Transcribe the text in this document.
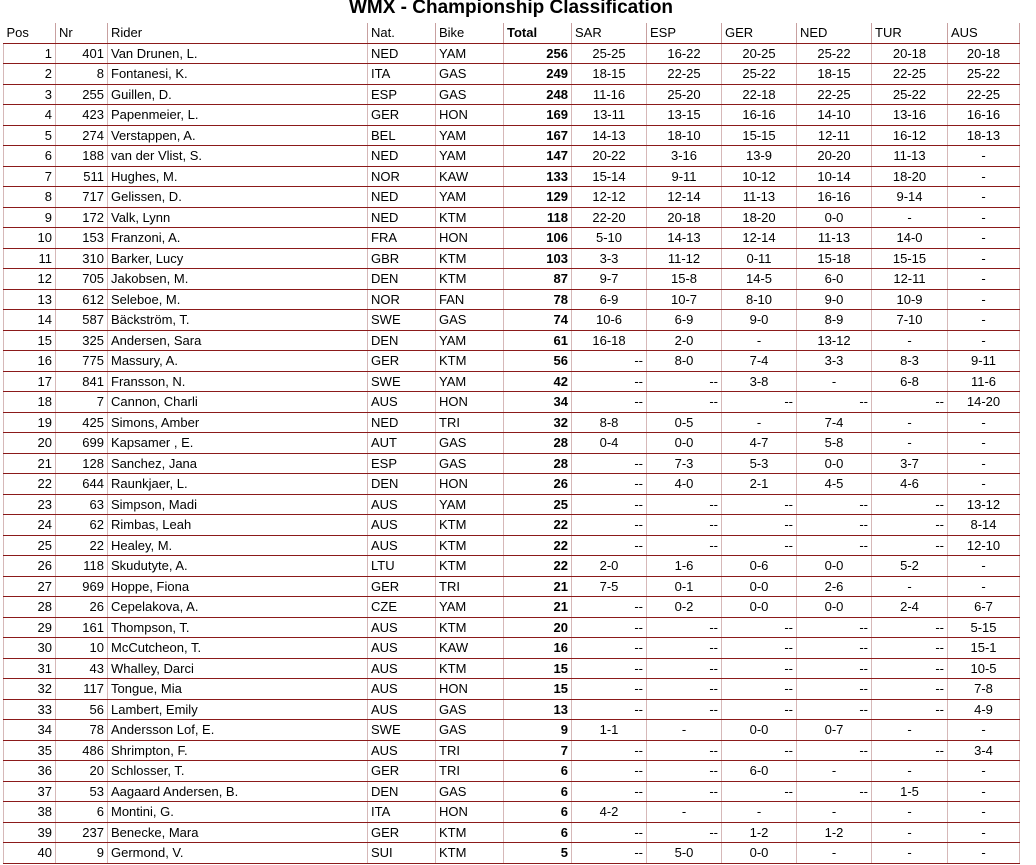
WMX - Championship Classification
Pos	Nr	Rider	Nat.	Bike	Total	SAR	ESP	GER	NED	TUR	AUS
1	401	Van Drunen, L.	NED	YAM	256	25-25	16-22	20-25	25-22	20-18	20-18
2	8	Fontanesi, K.	ITA	GAS	249	18-15	22-25	25-22	18-15	22-25	25-22
3	255	Guillen, D.	ESP	GAS	248	11-16	25-20	22-18	22-25	25-22	22-25
4	423	Papenmeier, L.	GER	HON	169	13-11	13-15	16-16	14-10	13-16	16-16
5	274	Verstappen, A.	BEL	YAM	167	14-13	18-10	15-15	12-11	16-12	18-13
6	188	van der Vlist, S.	NED	YAM	147	20-22	3-16	13-9	20-20	11-13	-
7	511	Hughes, M.	NOR	KAW	133	15-14	9-11	10-12	10-14	18-20	-
8	717	Gelissen, D.	NED	YAM	129	12-12	12-14	11-13	16-16	9-14	-
9	172	Valk, Lynn	NED	KTM	118	22-20	20-18	18-20	0-0	-	-
10	153	Franzoni, A.	FRA	HON	106	5-10	14-13	12-14	11-13	14-0	-
11	310	Barker, Lucy	GBR	KTM	103	3-3	11-12	0-11	15-18	15-15	-
12	705	Jakobsen, M.	DEN	KTM	87	9-7	15-8	14-5	6-0	12-11	-
13	612	Seleboe, M.	NOR	FAN	78	6-9	10-7	8-10	9-0	10-9	-
14	587	Bäckström, T.	SWE	GAS	74	10-6	6-9	9-0	8-9	7-10	-
15	325	Andersen, Sara	DEN	YAM	61	16-18	2-0	-	13-12	-	-
16	775	Massury, A.	GER	KTM	56	--	8-0	7-4	3-3	8-3	9-11
17	841	Fransson, N.	SWE	YAM	42	--	--	3-8	-	6-8	11-6
18	7	Cannon, Charli	AUS	HON	34	--	--	--	--	--	14-20
19	425	Simons, Amber	NED	TRI	32	8-8	0-5	-	7-4	-	-
20	699	Kapsamer , E.	AUT	GAS	28	0-4	0-0	4-7	5-8	-	-
21	128	Sanchez, Jana	ESP	GAS	28	--	7-3	5-3	0-0	3-7	-
22	644	Raunkjaer, L.	DEN	HON	26	--	4-0	2-1	4-5	4-6	-
23	63	Simpson, Madi	AUS	YAM	25	--	--	--	--	--	13-12
24	62	Rimbas, Leah	AUS	KTM	22	--	--	--	--	--	8-14
25	22	Healey, M.	AUS	KTM	22	--	--	--	--	--	12-10
26	118	Skudutyte, A.	LTU	KTM	22	2-0	1-6	0-6	0-0	5-2	-
27	969	Hoppe, Fiona	GER	TRI	21	7-5	0-1	0-0	2-6	-	-
28	26	Cepelakova, A.	CZE	YAM	21	--	0-2	0-0	0-0	2-4	6-7
29	161	Thompson, T.	AUS	KTM	20	--	--	--	--	--	5-15
30	10	McCutcheon, T.	AUS	KAW	16	--	--	--	--	--	15-1
31	43	Whalley, Darci	AUS	KTM	15	--	--	--	--	--	10-5
32	117	Tongue, Mia	AUS	HON	15	--	--	--	--	--	7-8
33	56	Lambert, Emily	AUS	GAS	13	--	--	--	--	--	4-9
34	78	Andersson Lof, E.	SWE	GAS	9	1-1	-	0-0	0-7	-	-
35	486	Shrimpton, F.	AUS	TRI	7	--	--	--	--	--	3-4
36	20	Schlosser, T.	GER	TRI	6	--	--	6-0	-	-	-
37	53	Aagaard Andersen, B.	DEN	GAS	6	--	--	--	--	1-5	-
38	6	Montini, G.	ITA	HON	6	4-2	-	-	-	-	-
39	237	Benecke, Mara	GER	KTM	6	--	--	1-2	1-2	-	-
40	9	Germond, V.	SUI	KTM	5	--	5-0	0-0	-	-	-
